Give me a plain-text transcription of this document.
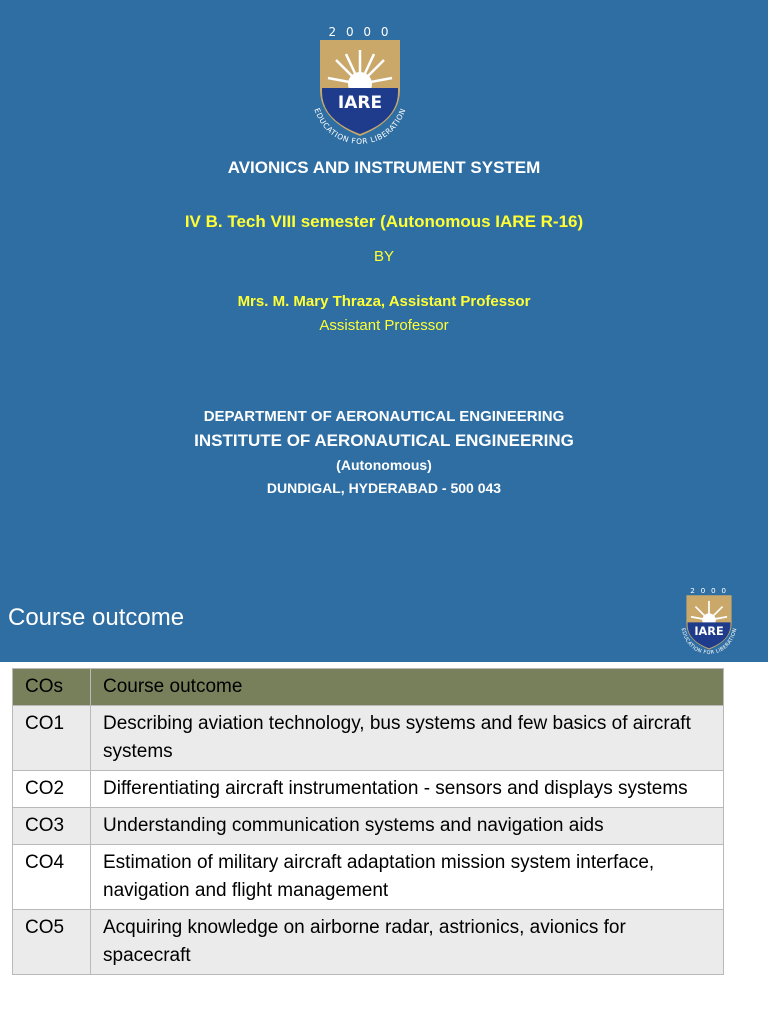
2 0 0 0
IARE
EDUCATION FOR LIBERATION

AVIONICS AND INSTRUMENT SYSTEM

IV B. Tech VIII semester (Autonomous IARE R-16)

BY

Mrs. M. Mary Thraza, Assistant Professor

Assistant Professor

DEPARTMENT OF AERONAUTICAL ENGINEERING

INSTITUTE OF AERONAUTICAL ENGINEERING

(Autonomous)

DUNDIGAL, HYDERABAD - 500 043

Course outcome
2 0 0 0
IARE
EDUCATION FOR LIBERATION
COs	Course outcome
CO1	Describing aviation technology, bus systems and few basics of aircraft systems
CO2	Differentiating aircraft instrumentation - sensors and displays systems
CO3	Understanding communication systems and navigation aids
CO4	Estimation of military aircraft adaptation mission system interface, navigation and flight management
CO5	Acquiring knowledge on airborne radar, astrionics, avionics for spacecraft
